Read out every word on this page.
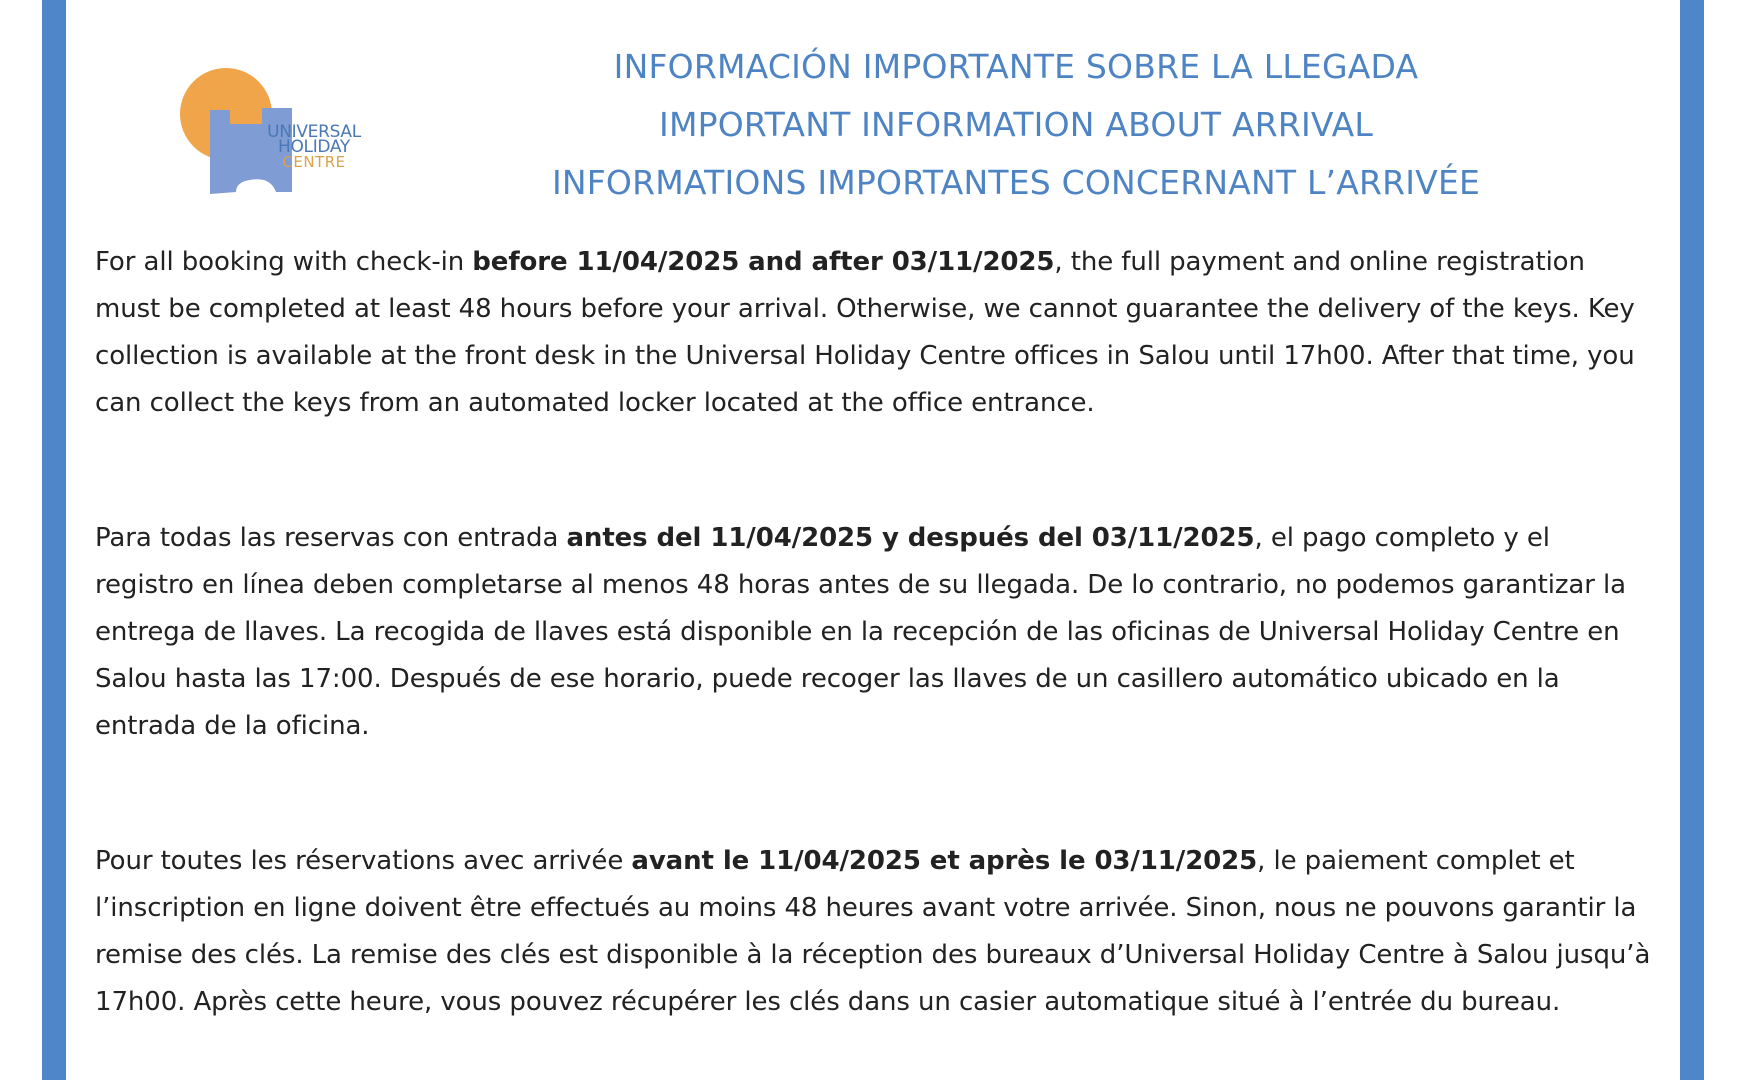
UNIVERSAL
HOLIDAY
CENTRE
INFORMACIÓN IMPORTANTE SOBRE LA LLEGADA
IMPORTANT INFORMATION ABOUT ARRIVAL
INFORMATIONS IMPORTANTES CONCERNANT L’ARRIVÉE
For all booking with check-in before 11/04/2025 and after 03/11/2025, the full payment and online registration must be completed at least 48 hours before your arrival. Otherwise, we cannot guarantee the delivery of the keys. Key collection is available at the front desk in the Universal Holiday Centre offices in Salou until 17h00. After that time, you can collect the keys from an automated locker located at the office entrance.
Para todas las reservas con entrada antes del 11/04/2025 y después del 03/11/2025, el pago completo y el registro en línea deben completarse al menos 48 horas antes de su llegada. De lo contrario, no podemos garantizar la entrega de llaves. La recogida de llaves está disponible en la recepción de las oficinas de Universal Holiday Centre en Salou hasta las 17:00. Después de ese horario, puede recoger las llaves de un casillero automático ubicado en la entrada de la oficina.
Pour toutes les réservations avec arrivée avant le 11/04/2025 et après le 03/11/2025, le paiement complet et l’inscription en ligne doivent être effectués au moins 48 heures avant votre arrivée. Sinon, nous ne pouvons garantir la remise des clés. La remise des clés est disponible à la réception des bureaux d’Universal Holiday Centre à Salou jusqu’à 17h00. Après cette heure, vous pouvez récupérer les clés dans un casier automatique situé à l’entrée du bureau.
